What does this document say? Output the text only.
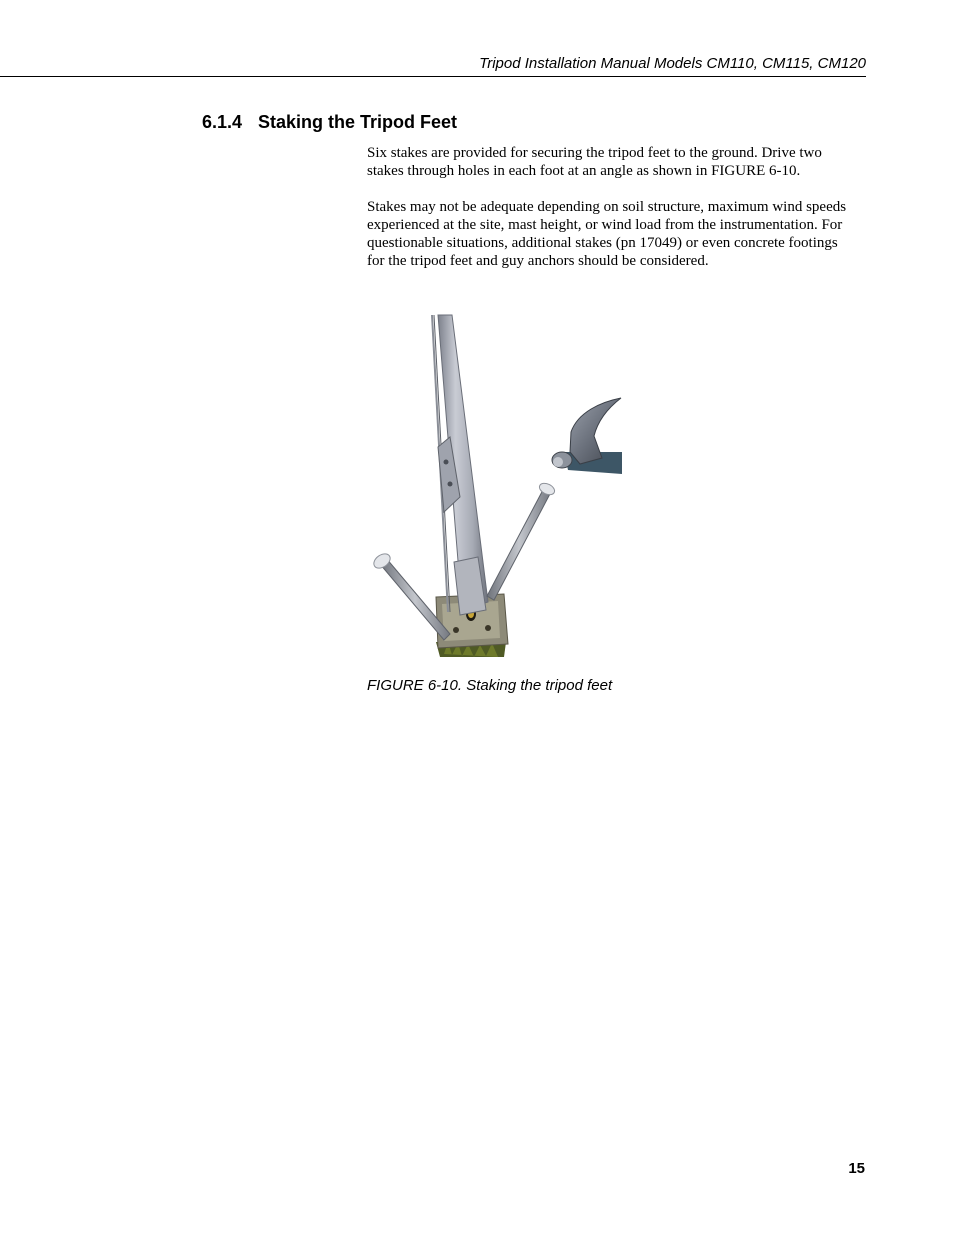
Tripod Installation Manual Models CM110, CM115, CM120
6.1.4 Staking the Tripod Feet

Six stakes are provided for securing the tripod feet to the ground. Drive two stakes through holes in each foot at an angle as shown in FIGURE 6-10.

Stakes may not be adequate depending on soil structure, maximum wind speeds experienced at the site, mast height, or wind load from the instrumentation. For questionable situations, additional stakes (pn 17049) or even concrete footings for the tripod feet and guy anchors should be considered.

FIGURE 6-10. Staking the tripod feet
15
